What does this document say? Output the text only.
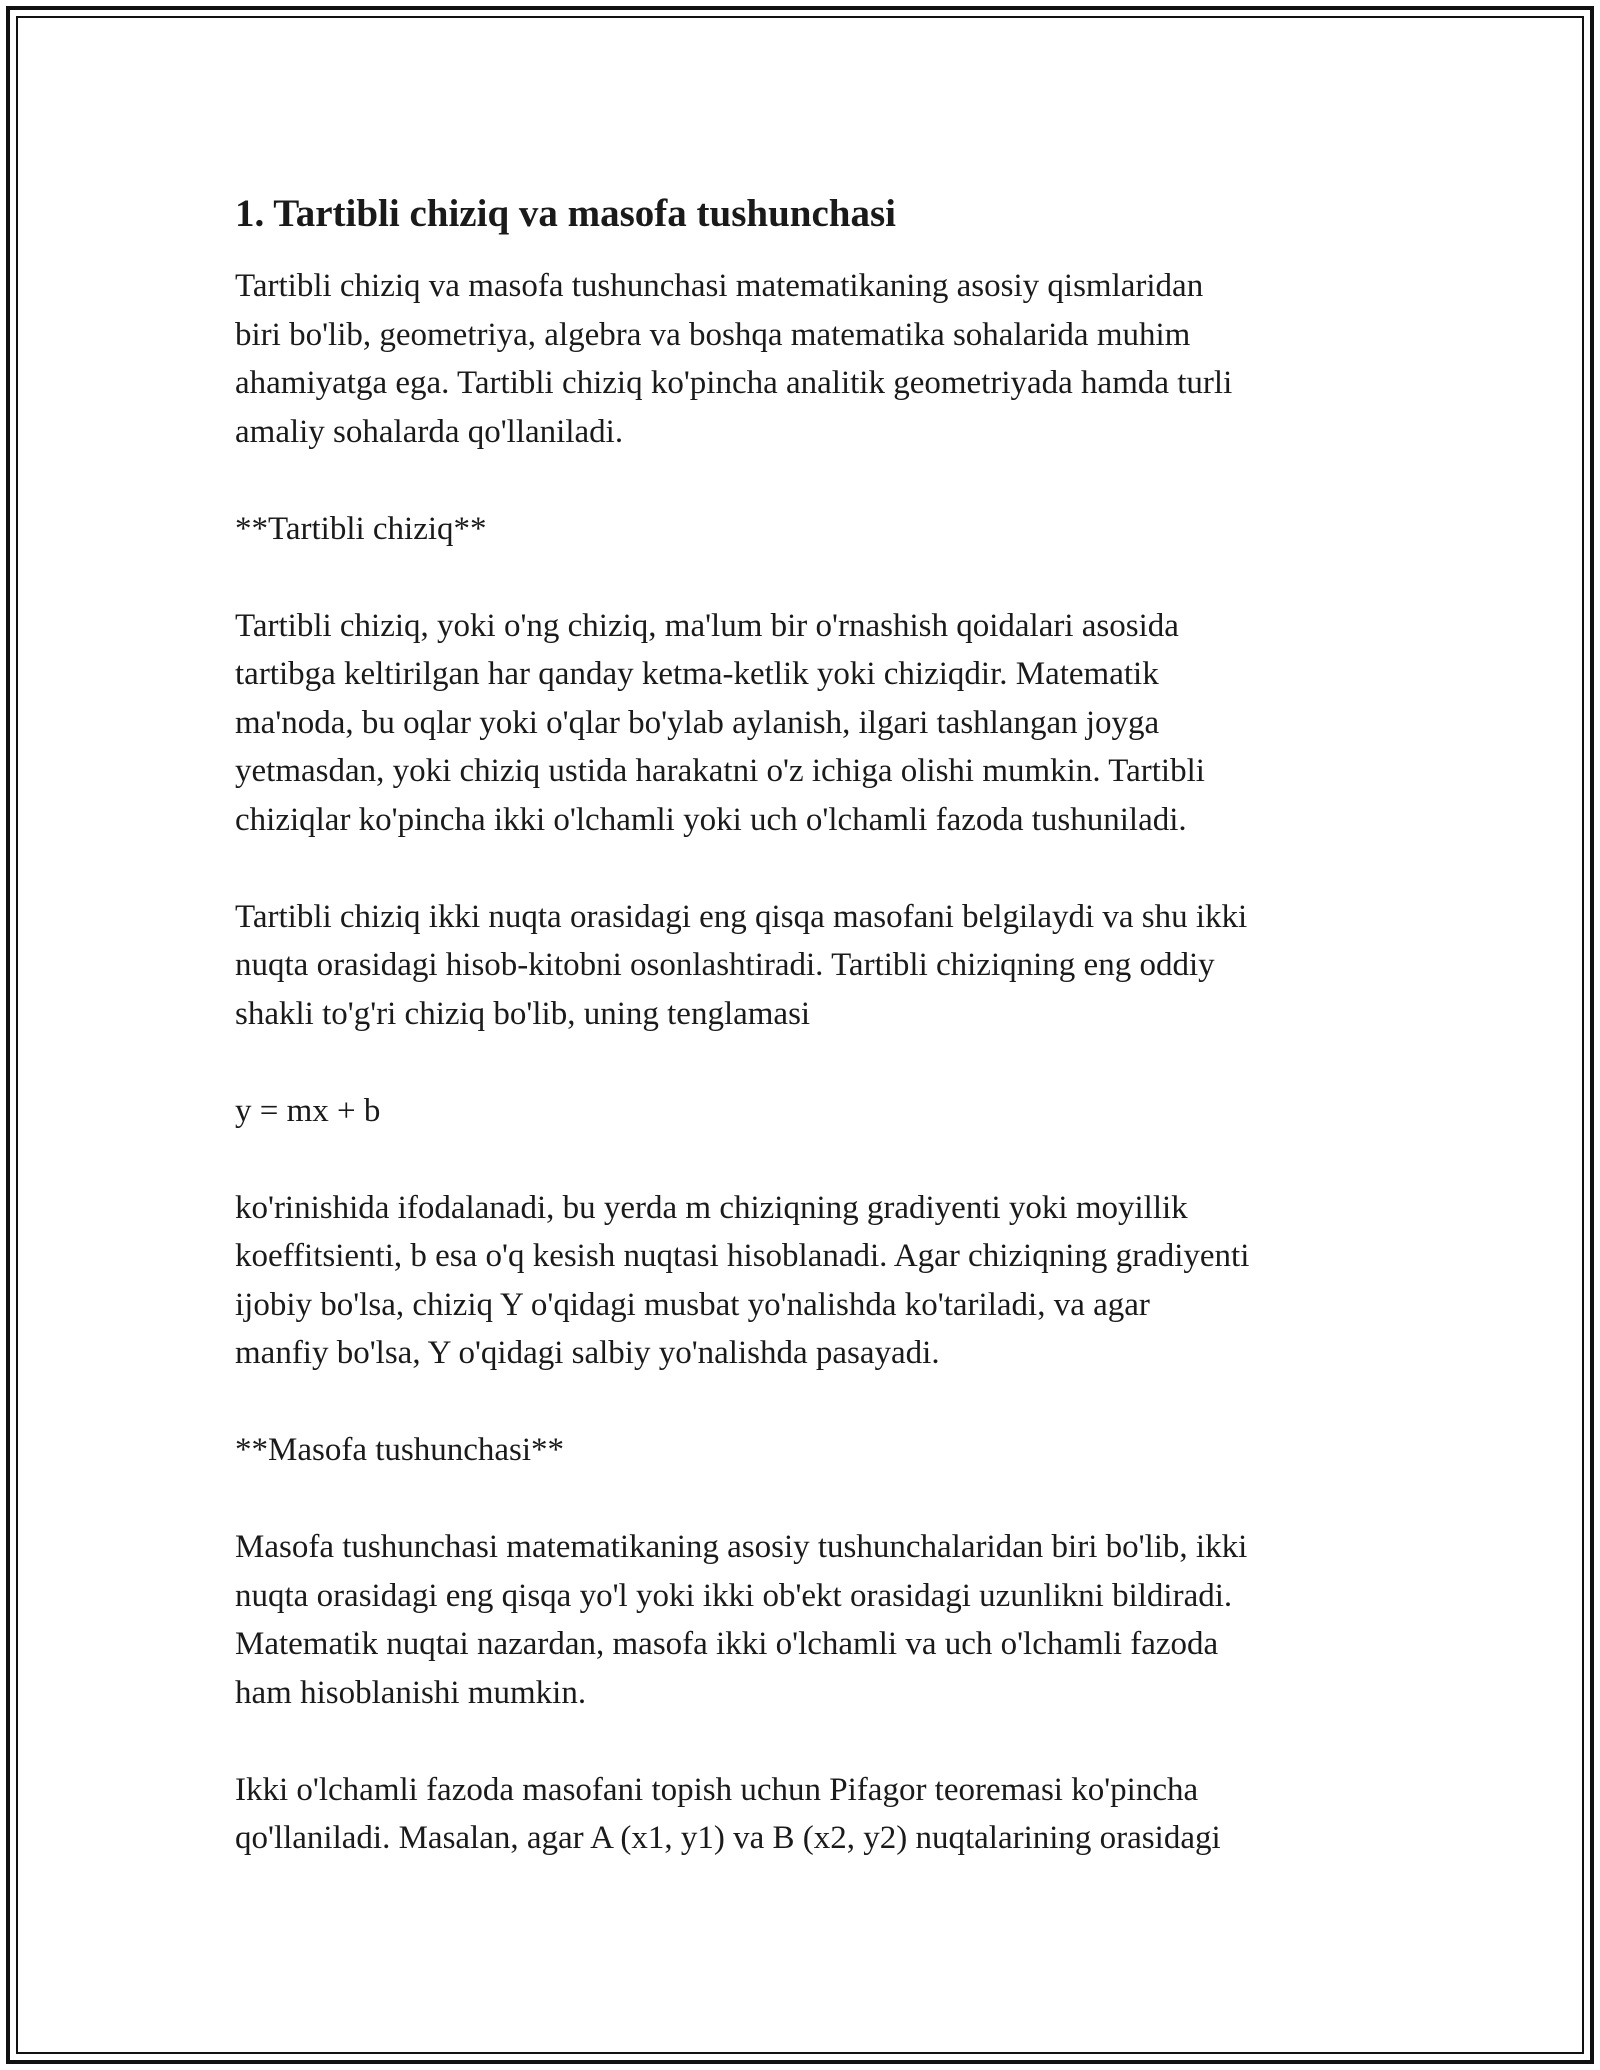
1. Tartibli chiziq va masofa tushunchasi

Tartibli chiziq va masofa tushunchasi matematikaning asosiy qismlaridan

biri bo'lib, geometriya, algebra va boshqa matematika sohalarida muhim

ahamiyatga ega. Tartibli chiziq ko'pincha analitik geometriyada hamda turli

amaliy sohalarda qo'llaniladi.

**Tartibli chiziq**

Tartibli chiziq, yoki o'ng chiziq, ma'lum bir o'rnashish qoidalari asosida

tartibga keltirilgan har qanday ketma-ketlik yoki chiziqdir. Matematik

ma'noda, bu oqlar yoki o'qlar bo'ylab aylanish, ilgari tashlangan joyga

yetmasdan, yoki chiziq ustida harakatni o'z ichiga olishi mumkin. Tartibli

chiziqlar ko'pincha ikki o'lchamli yoki uch o'lchamli fazoda tushuniladi.

Tartibli chiziq ikki nuqta orasidagi eng qisqa masofani belgilaydi va shu ikki

nuqta orasidagi hisob-kitobni osonlashtiradi. Tartibli chiziqning eng oddiy

shakli to'g'ri chiziq bo'lib, uning tenglamasi

y = mx + b

ko'rinishida ifodalanadi, bu yerda m chiziqning gradiyenti yoki moyillik

koeffitsienti, b esa o'q kesish nuqtasi hisoblanadi. Agar chiziqning gradiyenti

ijobiy bo'lsa, chiziq Y o'qidagi musbat yo'nalishda ko'tariladi, va agar

manfiy bo'lsa, Y o'qidagi salbiy yo'nalishda pasayadi.

**Masofa tushunchasi**

Masofa tushunchasi matematikaning asosiy tushunchalaridan biri bo'lib, ikki

nuqta orasidagi eng qisqa yo'l yoki ikki ob'ekt orasidagi uzunlikni bildiradi.

Matematik nuqtai nazardan, masofa ikki o'lchamli va uch o'lchamli fazoda

ham hisoblanishi mumkin.

Ikki o'lchamli fazoda masofani topish uchun Pifagor teoremasi ko'pincha

qo'llaniladi. Masalan, agar A (x1, y1) va B (x2, y2) nuqtalarining orasidagi
